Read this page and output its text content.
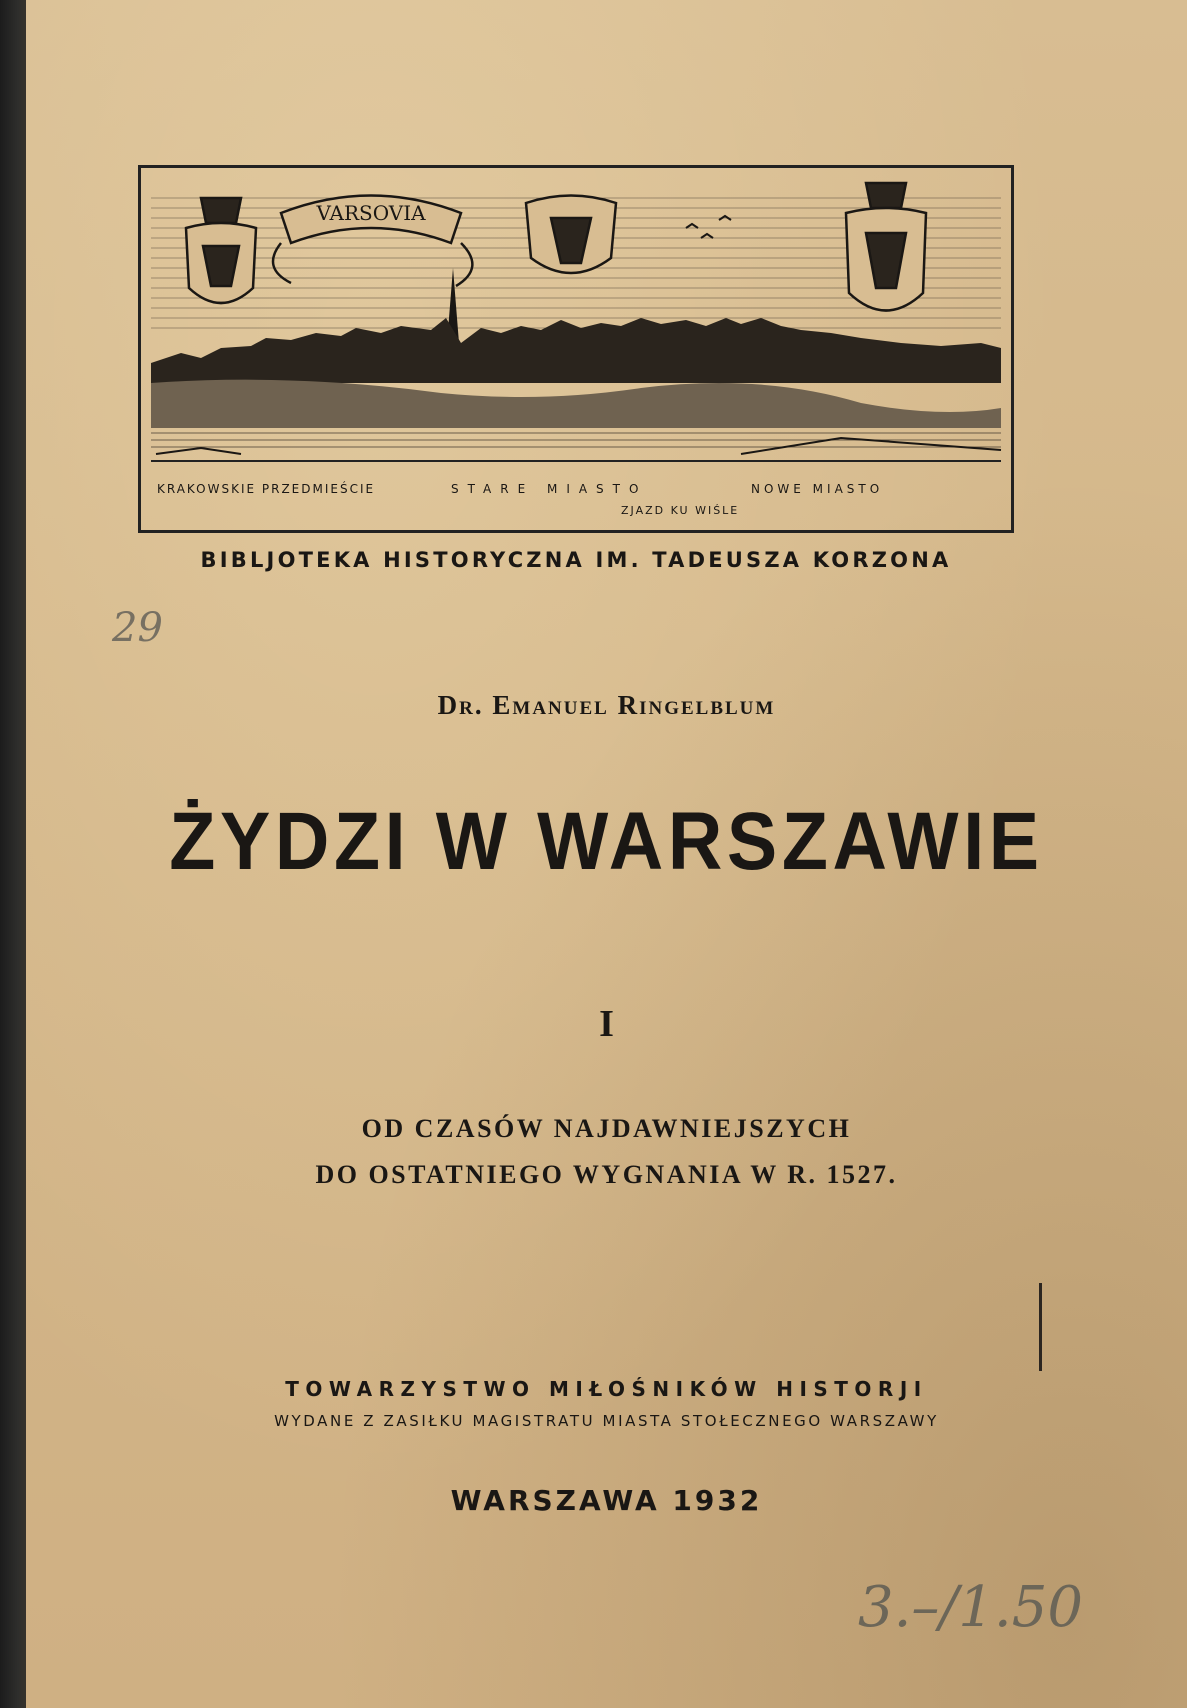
VARSOVIA
KRAKOWSKIE PRZEDMIEŚCIE	STARE MIASTO	NOWE MIASTO
ZJAZD KU WIŚLE
BIBLJOTEKA HISTORYCZNA IM. TADEUSZA KORZONA
29
Dr. Emanuel Ringelblum
ŻYDZI W WARSZAWIE
I
OD CZASÓW NAJDAWNIEJSZYCH
DO OSTATNIEGO WYGNANIA W R. 1527.
TOWARZYSTWO MIŁOŚNIKÓW HISTORJI
WYDANE Z ZASIŁKU MAGISTRATU MIASTA STOŁECZNEGO WARSZAWY
WARSZAWA 1932
3.–/1.50
